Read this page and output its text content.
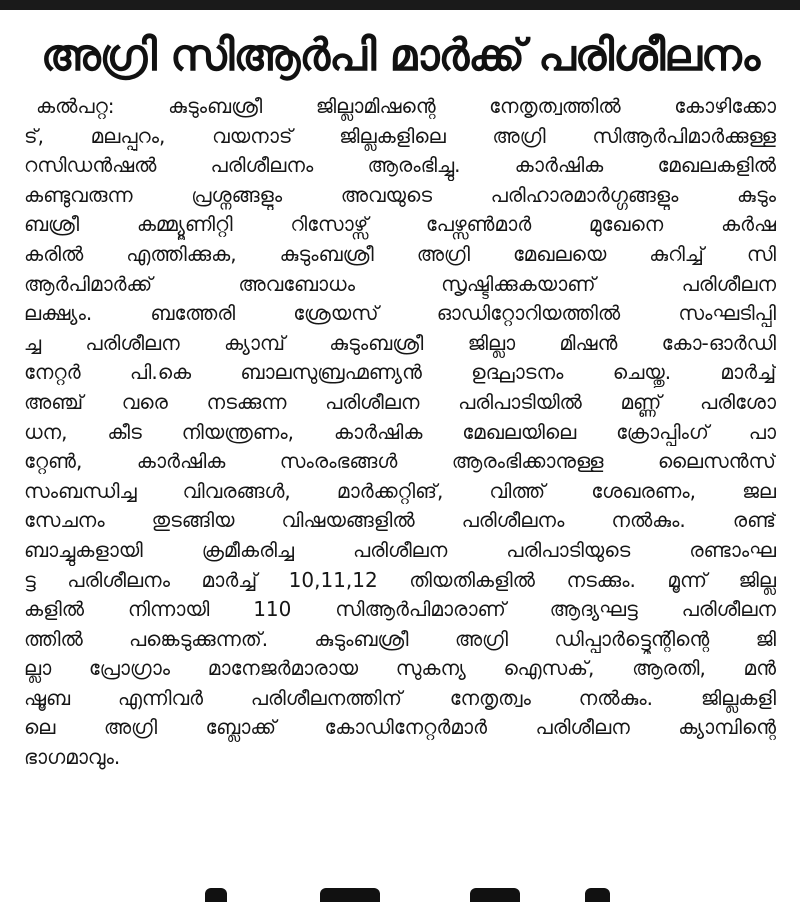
അഗ്രി സിആർപി മാർക്ക് പരിശീലനം
കൽപറ്റ: കുടുംബശ്രീ ജില്ലാമിഷന്റെ നേതൃത്വത്തിൽ കോഴിക്കോ
ട്, മലപ്പുറം, വയനാട് ജില്ലകളിലെ അഗ്രി സിആർപിമാർക്കുള്ള
റസിഡൻഷൽ പരിശീലനം ആരംഭിച്ചു. കാർഷിക മേഖലകളിൽ
കണ്ടുവരുന്ന പ്രശ്നങ്ങളും അവയുടെ പരിഹാരമാർഗ്ഗങ്ങളും കുടും
ബശ്രീ കമ്മ്യൂണിറ്റി റിസോഴ്സ് പേഴ്സൺമാർ മുഖേനെ കർഷ
കരിൽ എത്തിക്കുക, കുടുംബശ്രീ അഗ്രി മേഖലയെ കുറിച്ച് സി
ആർപിമാർക്ക് അവബോധം സൃഷ്ടിക്കുകയാണ് പരിശീലന
ലക്ഷ്യം. ബത്തേരി ശ്രേയസ് ഓഡിറ്റോറിയത്തിൽ സംഘടിപ്പി
ച്ച പരിശീലന ക്യാമ്പ് കുടുംബശ്രീ ജില്ലാ മിഷൻ കോ-ഓർഡി
നേറ്റർ പി.കെ ബാലസുബ്രഹ്മണ്യൻ ഉദ്ഘാടനം ചെയ്തു. മാർച്ച്
അഞ്ച് വരെ നടക്കുന്ന പരിശീലന പരിപാടിയിൽ മണ്ണ് പരിശോ
ധന, കീട നിയന്ത്രണം, കാർഷിക മേഖലയിലെ ക്രോപ്പിംഗ് പാ
റ്റേൺ, കാർഷിക സംരംഭങ്ങൾ ആരംഭിക്കാനുള്ള ലൈസൻസ്
സംബന്ധിച്ച വിവരങ്ങൾ, മാർക്കറ്റിങ്, വിത്ത് ശേഖരണം, ജല
സേചനം തുടങ്ങിയ വിഷയങ്ങളിൽ പരിശീലനം നൽകും. രണ്ട്
ബാച്ചുകളായി ക്രമീകരിച്ച പരിശീലന പരിപാടിയുടെ രണ്ടാംഘ
ട്ട പരിശീലനം മാർച്ച് 10,11,12 തിയതികളിൽ നടക്കും. മൂന്ന് ജില്ല
കളിൽ നിന്നായി 110 സിആർപിമാരാണ് ആദ്യഘട്ട പരിശീലന
ത്തിൽ പങ്കെടുക്കുന്നത്. കുടുംബശ്രീ അഗ്രി ഡിപ്പാർട്ട്മെന്റിന്റെ ജി
ല്ലാ പ്രോഗ്രാം മാനേജർമാരായ സുകന്യ ഐസക്, ആരതി, മൻ
ഷൂബ എന്നിവർ പരിശീലനത്തിന് നേതൃത്വം നൽകും. ജില്ലകളി
ലെ അഗ്രി ബ്ലോക്ക് കോഡിനേറ്റർമാർ പരിശീലന ക്യാമ്പിന്റെ
ഭാഗമാവും.
